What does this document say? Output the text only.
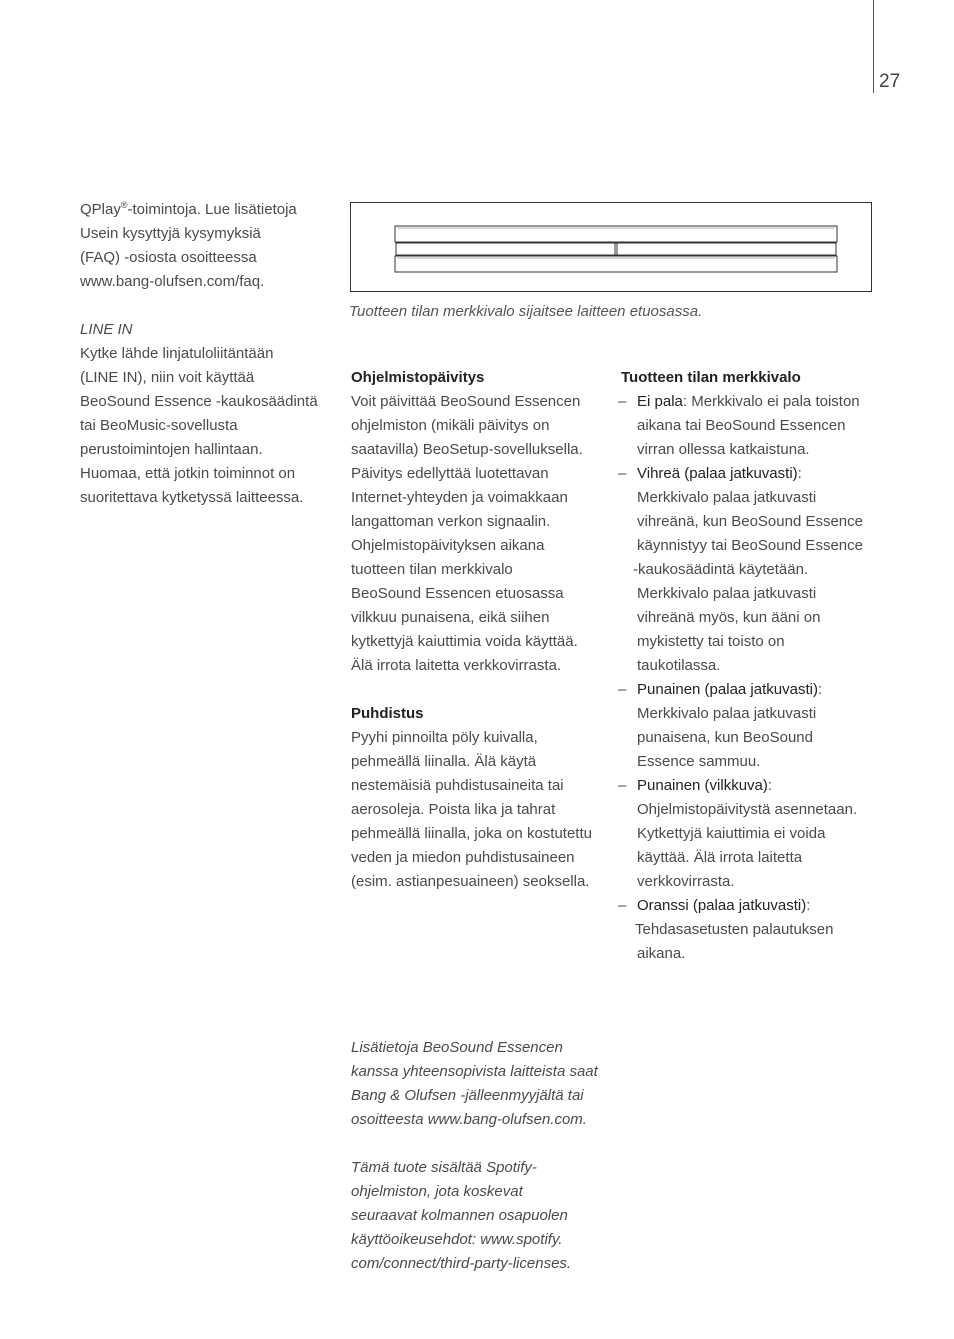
27

QPlay®-toimintoja. Lue lisätietoja
Usein kysyttyjä kysymyksiä
(FAQ) -osiosta osoitteessa
www.bang-olufsen.com/faq.

LINE IN

Kytke lähde linjatuloliitäntään
(LINE IN), niin voit käyttää
BeoSound Essence -kaukosäädintä
tai BeoMusic-sovellusta
perustoimintojen hallintaan.
Huomaa, että jotkin toiminnot on
suoritettava kytketyssä laitteessa.

Tuotteen tilan merkkivalo sijaitsee laitteen etuosassa.

Ohjelmistopäivitys

Voit päivittää BeoSound Essencen
ohjelmiston (mikäli päivitys on
saatavilla) BeoSetup-sovelluksella.
Päivitys edellyttää luotettavan
Internet-yhteyden ja voimakkaan
langattoman verkon signaalin.
Ohjelmistopäivityksen aikana
tuotteen tilan merkkivalo
BeoSound Essencen etuosassa
vilkkuu punaisena, eikä siihen
kytkettyjä kaiuttimia voida käyttää.
Älä irrota laitetta verkkovirrasta.

Puhdistus

Pyyhi pinnoilta pöly kuivalla,
pehmeällä liinalla. Älä käytä
nestemäisiä puhdistusaineita tai
aerosoleja. Poista lika ja tahrat
pehmeällä liinalla, joka on kostutettu
veden ja miedon puhdistusaineen
(esim. astianpesuaineen) seoksella.

Lisätietoja BeoSound Essencen
kanssa yhteensopivista laitteista saat
Bang & Olufsen -jälleenmyyjältä tai
osoitteesta www.bang-olufsen.com.
Tämä tuote sisältää Spotify-
ohjelmiston, jota koskevat
seuraavat kolmannen osapuolen
käyttöoikeusehdot: www.spotify.
com/connect/third-party-licenses.

Tuotteen tilan merkkivalo

– Ei pala: Merkkivalo ei pala toiston
aikana tai BeoSound Essencen
virran ollessa katkaistuna.
– Vihreä (palaa jatkuvasti):
Merkkivalo palaa jatkuvasti
vihreänä, kun BeoSound Essence
käynnistyy tai BeoSound Essence
-kaukosäädintä käytetään.
Merkkivalo palaa jatkuvasti
vihreänä myös, kun ääni on
mykistetty tai toisto on
taukotilassa.
– Punainen (palaa jatkuvasti):
Merkkivalo palaa jatkuvasti
punaisena, kun BeoSound
Essence sammuu.
– Punainen (vilkkuva):
Ohjelmistopäivitystä asennetaan.
Kytkettyjä kaiuttimia ei voida
käyttää. Älä irrota laitetta
verkkovirrasta.
– Oranssi (palaa jatkuvasti):
Tehdasasetusten palautuksen
aikana.
